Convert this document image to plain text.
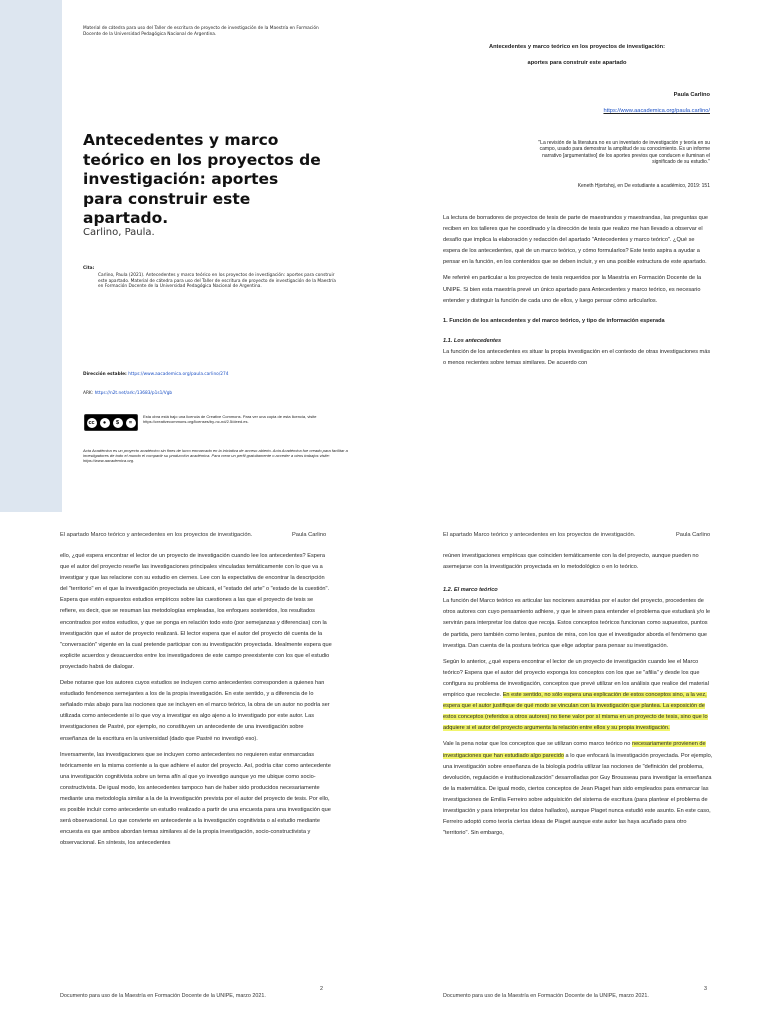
Material de cátedra para uso del Taller de escritura de proyecto de investigación de la Maestría en Formación Docente de la Universidad Pedagógica Nacional de Argentina.
Antecedentes y marco teórico en los proyectos de investigación: aportes para construir este apartado.
Carlino, Paula.
Cita:
Carlino, Paula (2021). Antecedentes y marco teórico en los proyectos de investigación: aportes para construir este apartado. Material de cátedra para uso del Taller de escritura de proyecto de investigación de la Maestría en Formación Docente de la Universidad Pedagógica Nacional de Argentina.
Dirección estable: https://www.aacademica.org/paula.carlino/274
ARK: https://n2t.net/ark:/13683/p1s1/Vgb
cc	●	$	=
Esta obra está bajo una licencia de Creative Commons. Para ver una copia de esta licencia, visite https://creativecommons.org/licenses/by-nc-nd/2.5/deed.es.
Acta Académica es un proyecto académico sin fines de lucro enmarcado en la iniciativa de acceso abierto. Acta Académica fue creado para facilitar a investigadores de todo el mundo el compartir su producción académica. Para crear un perfil gratuitamente o acceder a otros trabajos visite: https://www.aacademica.org.
Antecedentes y marco teórico en los proyectos de investigación:
aportes para construir este apartado
Paula Carlino
https://www.aacademica.org/paula.carlino/
"La revisión de la literatura no es un inventario de investigación y teoría en su campo, usado para demostrar la amplitud de su conocimiento. Es un informe narrativo [argumentativo] de los aportes previos que conducen e iluminan el significado de su estudio."
Keneth Hjortshoj, en De estudiante a académico, 2019: 151

La lectura de borradores de proyectos de tesis de parte de maestrandos y maestrandas, las preguntas que reciben en los talleres que he coordinado y la dirección de tesis que realizo me han llevado a observar el desafío que implica la elaboración y redacción del apartado "Antecedentes y marco teórico". ¿Qué se espera de los antecedentes, qué de un marco teórico, y cómo formularlos? Este texto aspira a ayudar a pensar en la función, en los contenidos que se deben incluir, y en una posible estructura de este apartado.

Me referiré en particular a los proyectos de tesis requeridos por la Maestría en Formación Docente de la UNIPE. Si bien esta maestría prevé un único apartado para Antecedentes y marco teórico, es necesario entender y distinguir la función de cada uno de ellos, y luego pensar cómo articularlos.

1. Función de los antecedentes y del marco teórico, y tipo de información esperada

1.1. Los antecedentes

La función de los antecedentes es situar la propia investigación en el contexto de otras investigaciones más o menos recientes sobre temas similares. De acuerdo con

El apartado Marco teórico y antecedentes en los proyectos de investigación.	Paula Carlino

ello, ¿qué espera encontrar el lector de un proyecto de investigación cuando lee los antecedentes? Espera que el autor del proyecto reseñe las investigaciones principales vinculadas temáticamente con lo que va a investigar y que las relacione con su estudio en ciernes. Lee con la expectativa de encontrar la descripción del "territorio" en el que la investigación proyectada se ubicará, el "estado del arte" o "estado de la cuestión". Espera que estén expuestos estudios empíricos sobre las cuestiones a las que el proyecto de tesis se refiere, es decir, que se resuman las metodologías empleadas, los enfoques sostenidos, los resultados encontrados por estos estudios, y que se ponga en relación todo esto (por semejanzas y diferencias) con la investigación que el autor de proyecto realizará. El lector espera que el autor del proyecto dé cuenta de la "conversación" vigente en la cual pretende participar con su investigación proyectada. Idealmente espera que explicite acuerdos y desacuerdos entre los investigadores de este campo preexistente con los que el estudio proyectado habrá de dialogar.

Debe notarse que los autores cuyos estudios se incluyen como antecedentes corresponden a quienes han estudiado fenómenos semejantes a los de la propia investigación. En este sentido, y a diferencia de lo señalado más abajo para las nociones que se incluyen en el marco teórico, la obra de un autor no podría ser utilizada como antecedente si lo que voy a investigar es algo ajeno a lo investigado por este autor. Las investigaciones de Pastré, por ejemplo, no constituyen un antecedente de una investigación sobre enseñanza de la escritura en la universidad (dado que Pastré no investigó eso).

Inversamente, las investigaciones que se incluyen como antecedentes no requieren estar enmarcadas teóricamente en la misma corriente a la que adhiere el autor del proyecto. Así, podría citar como antecedente una investigación cognitivista sobre un tema afín al que yo investigo aunque yo me ubique como socio-constructivista. De igual modo, los antecedentes tampoco han de haber sido producidos necesariamente mediante una metodología similar a la de la investigación prevista por el autor del proyecto de tesis. Por ello, es posible incluir como antecedente un estudio realizado a partir de una encuesta para una investigación que será observacional. Lo que convierte en antecedente a la investigación cognitivista o al estudio mediante encuesta es que ambos abordan temas similares al de la propia investigación, socio-constructivista y observacional. En síntesis, los antecedentes

Documento para uso de la Maestría en Formación Docente de la UNIPE, marzo 2021.
2
El apartado Marco teórico y antecedentes en los proyectos de investigación.	Paula Carlino

reúnen investigaciones empíricas que coinciden temáticamente con la del proyecto, aunque pueden no asemejarse con la investigación proyectada en lo metodológico o en lo teórico.

1.2. El marco teórico

La función del Marco teórico es articular las nociones asumidas por el autor del proyecto, procedentes de otros autores con cuyo pensamiento adhiere, y que le sirven para entender el problema que estudiará y/o le servirán para interpretar los datos que recoja. Estos conceptos teóricos funcionan como supuestos, puntos de partida, pero también como lentes, puntos de mira, con los que el investigador aborda el fenómeno que investiga. Dan cuenta de la postura teórica que elige adoptar para pensar su investigación.

Según lo anterior, ¿qué espera encontrar el lector de un proyecto de investigación cuando lee el Marco teórico? Espera que el autor del proyecto exponga los conceptos con los que se "afilia" y desde los que configura su problema de investigación, conceptos que prevé utilizar en los análisis que realice del material empírico que recolecte. En este sentido, no sólo espera una explicación de estos conceptos sino, a la vez, espera que el autor justifique de qué modo se vinculan con la investigación que plantea. La exposición de estos conceptos (referidos a otros autores) no tiene valor por sí misma en un proyecto de tesis, sino que lo adquiere si el autor del proyecto argumenta la relación entre ellos y su propia investigación.

Vale la pena notar que los conceptos que se utilizan como marco teórico no necesariamente provienen de investigaciones que han estudiado algo parecido a lo que enfocará la investigación proyectada. Por ejemplo, una investigación sobre enseñanza de la biología podría utilizar las nociones de "definición del problema, devolución, regulación e institucionalización" desarrolladas por Guy Brousseau para investigar la enseñanza de la matemática. De igual modo, ciertos conceptos de Jean Piaget han sido empleados para enmarcar las investigaciones de Emilia Ferreiro sobre adquisición del sistema de escritura (para plantear el problema de investigación y para interpretar los datos hallados), aunque Piaget nunca estudió este asunto. En este caso, Ferreiro adoptó como teoría ciertas ideas de Piaget aunque este autor las haya acuñado para otro "territorio". Sin embargo,

Documento para uso de la Maestría en Formación Docente de la UNIPE, marzo 2021.
3
